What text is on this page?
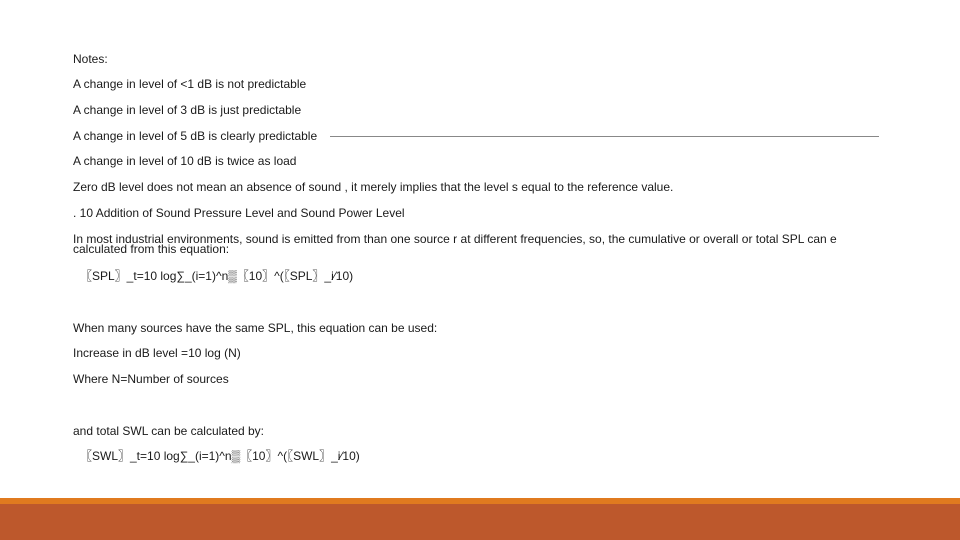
Notes:
A change in level of <1 dB is not predictable
A change in level of 3 dB is just predictable
A change in level of 5 dB is clearly predictable
A change in level of 10 dB is twice as load
Zero dB level does not mean an absence of sound , it merely implies that the level s equal to the reference value.
. 10 Addition of Sound Pressure Level and Sound Power Level
In most industrial environments, sound is emitted from than one source r at different frequencies, so, the cumulative or overall or total SPL can e calculated from this equation:
〖SPL〗_t=10 log∑_(i=1)^n▒〖10〗^(〖SPL〗_i⁄10)
When many sources have the same SPL, this equation can be used:
Increase in dB level =10 log (N)
Where N=Number of sources
and total SWL can be calculated by:
〖SWL〗_t=10 log∑_(i=1)^n▒〖10〗^(〖SWL〗_i⁄10)
